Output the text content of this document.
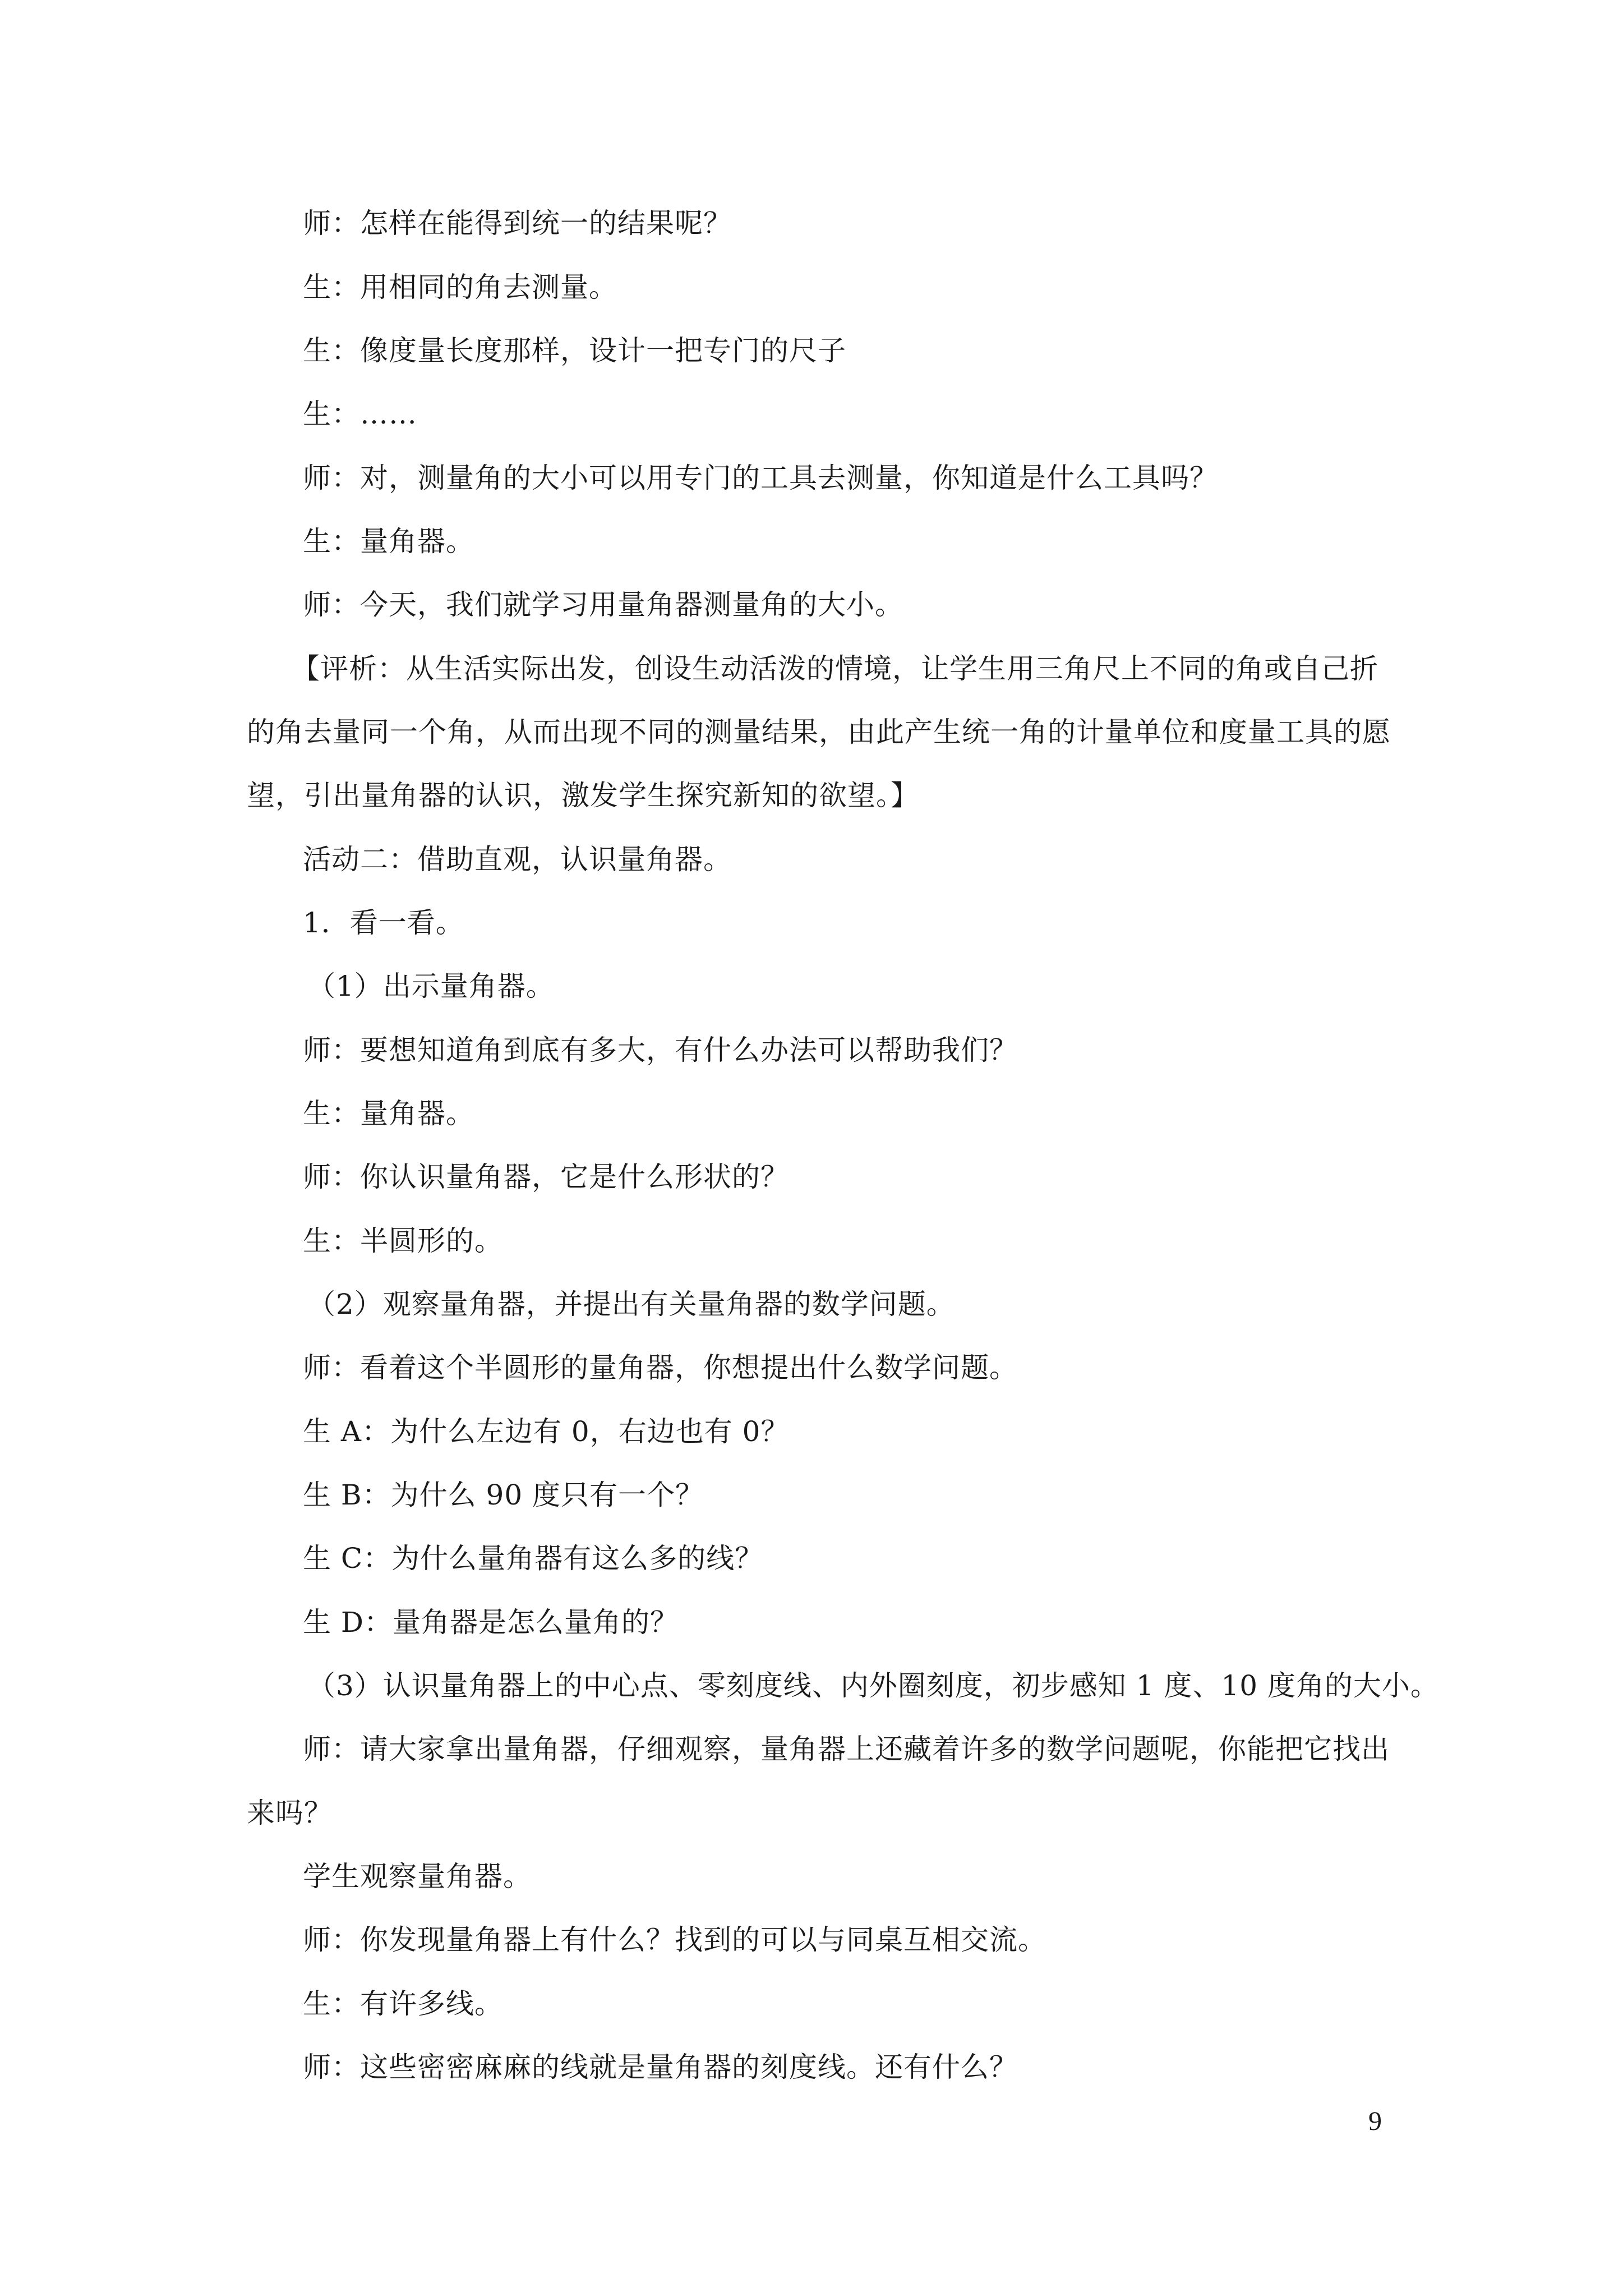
师：怎样在能得到统一的结果呢？
生：用相同的角去测量。
生：像度量长度那样，设计一把专门的尺子
生：……
师：对，测量角的大小可以用专门的工具去测量，你知道是什么工具吗？
生：量角器。
师：今天，我们就学习用量角器测量角的大小。
【评析：从生活实际出发，创设生动活泼的情境，让学生用三角尺上不同的角或自己折
的角去量同一个角，从而出现不同的测量结果，由此产生统一角的计量单位和度量工具的愿
望，引出量角器的认识，激发学生探究新知的欲望。】
活动二：借助直观，认识量角器。
1．看一看。
（1）出示量角器。
师：要想知道角到底有多大，有什么办法可以帮助我们？
生：量角器。
师：你认识量角器，它是什么形状的？
生：半圆形的。
（2）观察量角器，并提出有关量角器的数学问题。
师：看着这个半圆形的量角器，你想提出什么数学问题。
生 A：为什么左边有 0，右边也有 0？
生 B：为什么 90 度只有一个？
生 C：为什么量角器有这么多的线？
生 D：量角器是怎么量角的？
（3）认识量角器上的中心点、零刻度线、内外圈刻度，初步感知 1 度、10 度角的大小。
师：请大家拿出量角器，仔细观察，量角器上还藏着许多的数学问题呢，你能把它找出
来吗？
学生观察量角器。
师：你发现量角器上有什么？找到的可以与同桌互相交流。
生：有许多线。
师：这些密密麻麻的线就是量角器的刻度线。还有什么？
9
